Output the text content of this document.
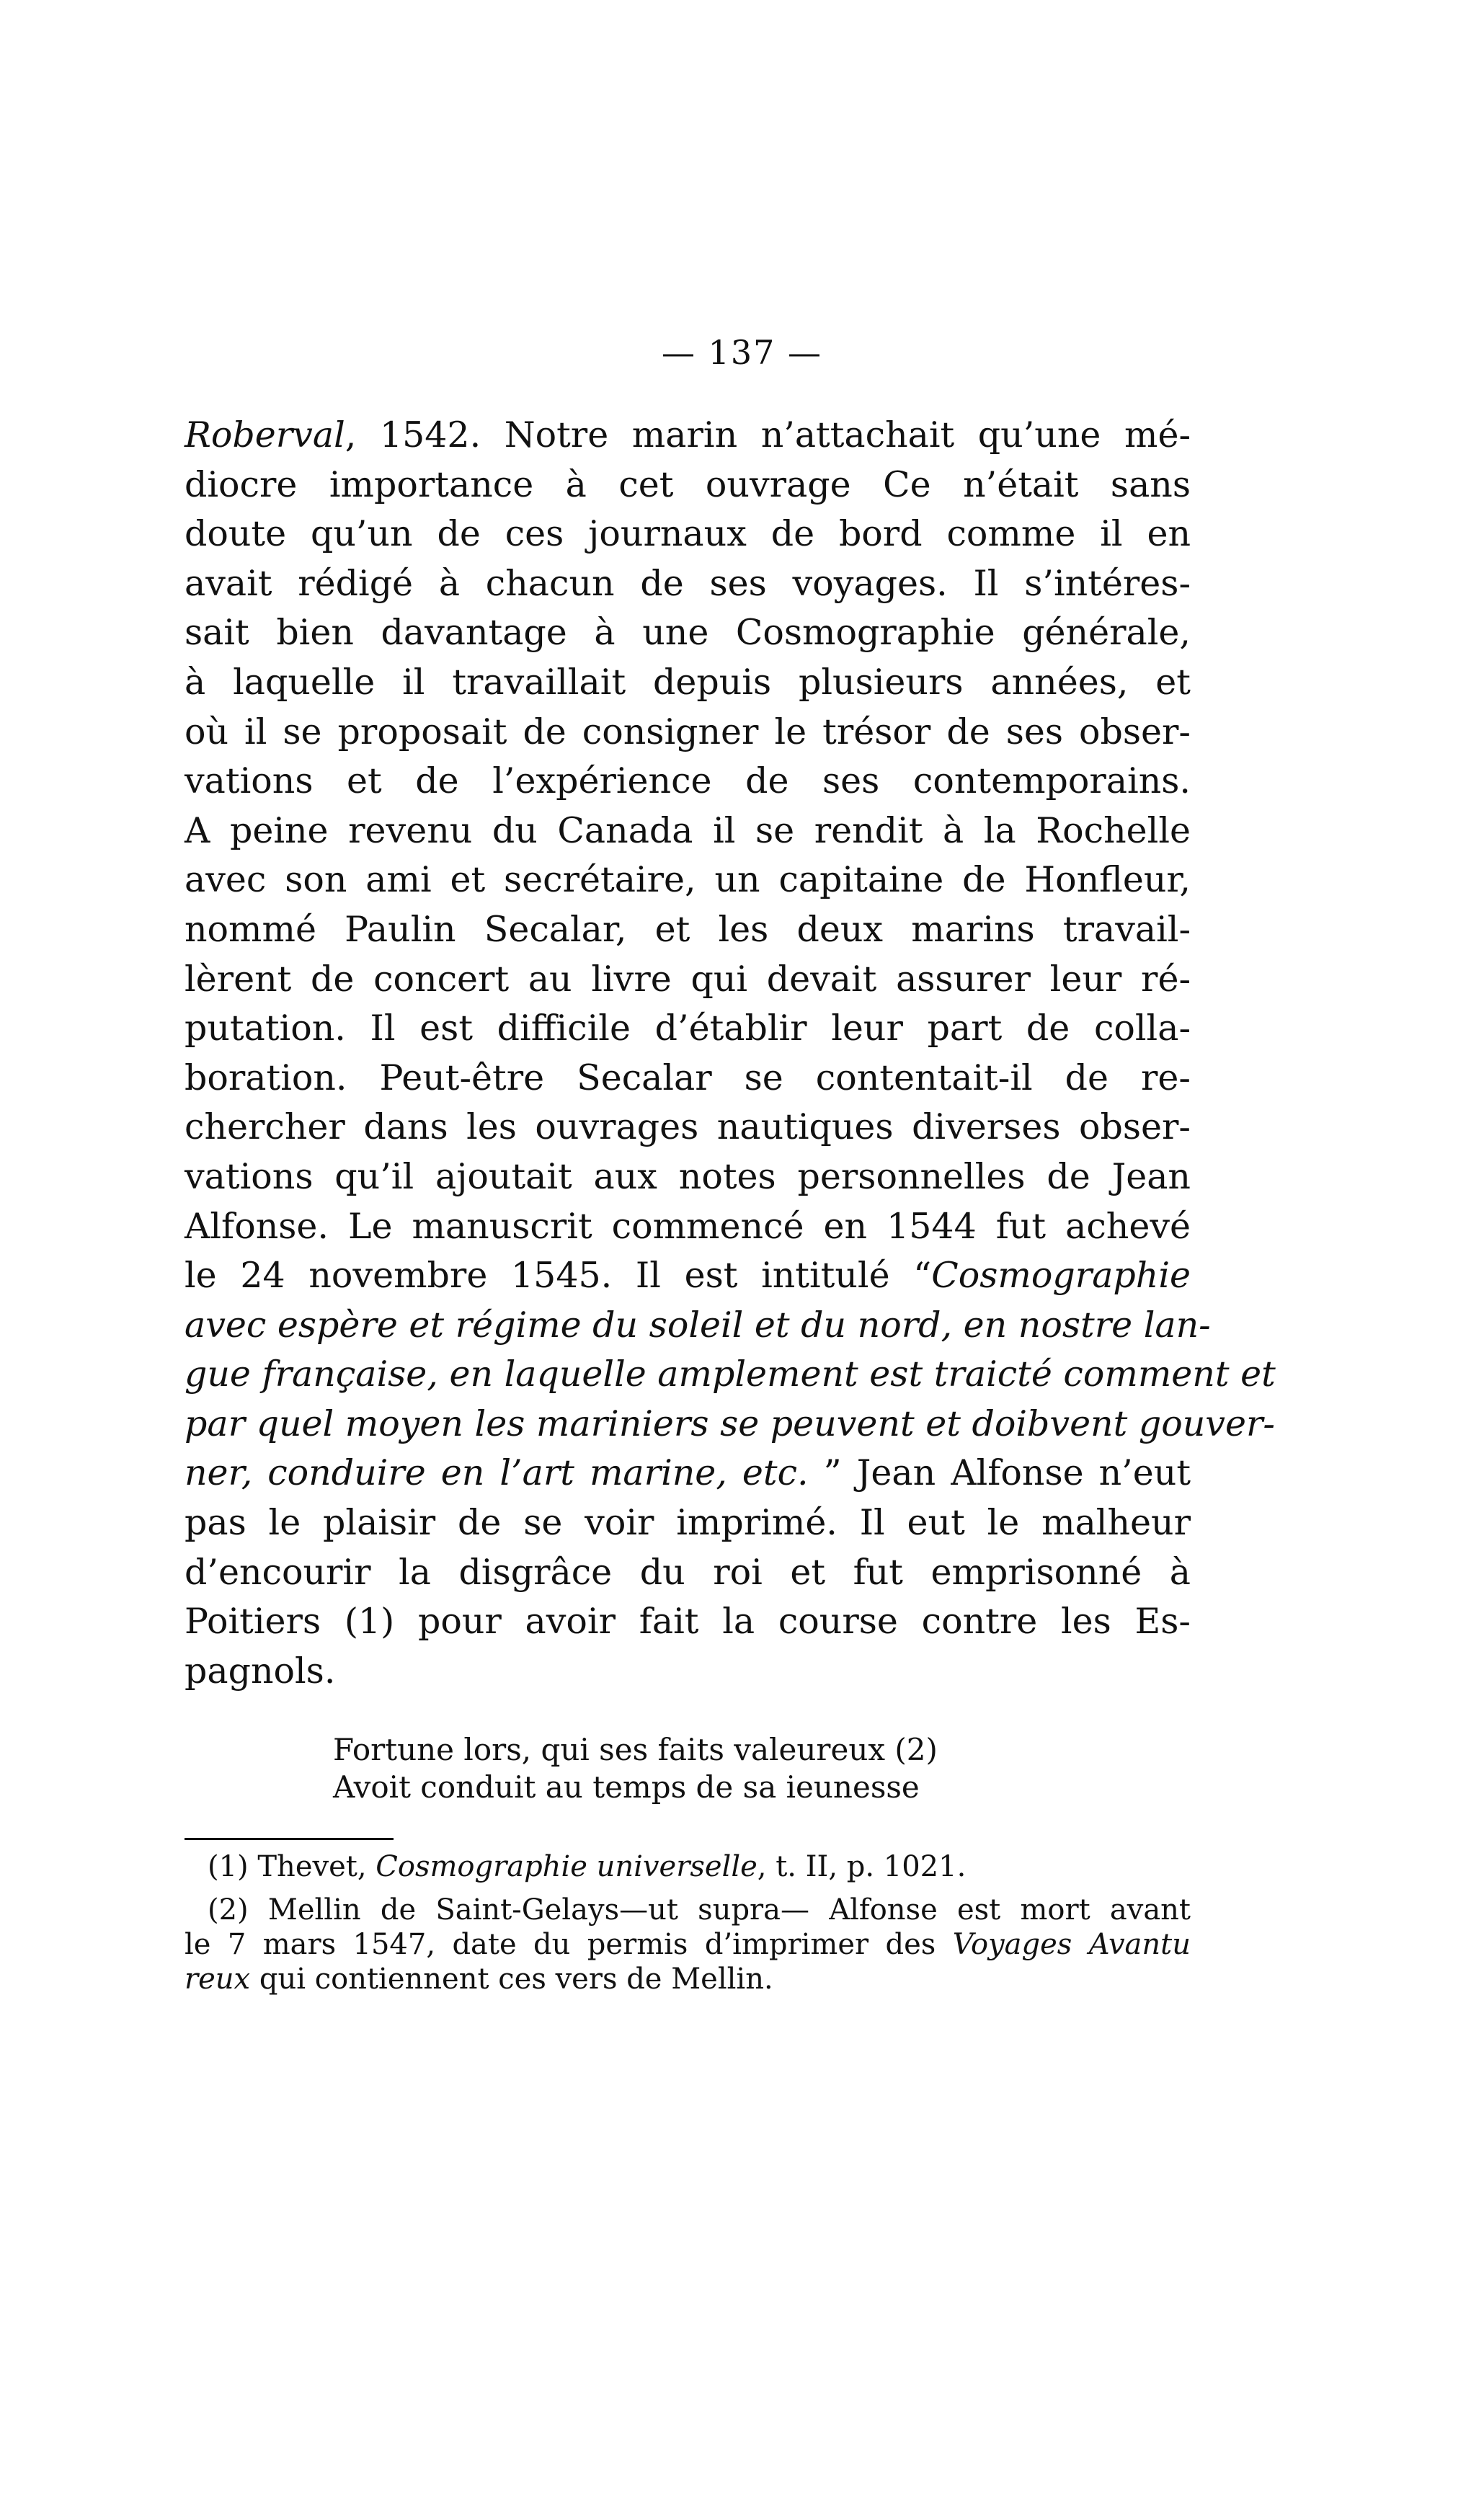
— 137 —
Roberval, 1542. Notre marin n’attachait qu’une mé-
diocre importance à cet ouvrage Ce n’était sans
doute qu’un de ces journaux de bord comme il en
avait rédigé à chacun de ses voyages. Il s’intéres-
sait bien davantage à une Cosmographie générale,
à laquelle il travaillait depuis plusieurs années, et
où il se proposait de consigner le trésor de ses obser-
vations et de l’expérience de ses contemporains.
A peine revenu du Canada il se rendit à la Rochelle
avec son ami et secrétaire, un capitaine de Honfleur,
nommé Paulin Secalar, et les deux marins travail-
lèrent de concert au livre qui devait assurer leur ré-
putation. Il est difficile d’établir leur part de colla-
boration. Peut-être Secalar se contentait-il de re-
chercher dans les ouvrages nautiques diverses obser-
vations qu’il ajoutait aux notes personnelles de Jean
Alfonse. Le manuscrit commencé en 1544 fut achevé
le 24 novembre 1545. Il est intitulé “Cosmographie
avec espère et régime du soleil et du nord, en nostre lan-
gue française, en laquelle amplement est traicté comment et
par quel moyen les mariniers se peuvent et doibvent gouver-
ner, conduire en l’art marine, etc. ” Jean Alfonse n’eut
pas le plaisir de se voir imprimé. Il eut le malheur
d’encourir la disgrâce du roi et fut emprisonné à
Poitiers (1) pour avoir fait la course contre les Es-
pagnols.
Fortune lors, qui ses faits valeureux (2)
Avoit conduit au temps de sa ieunesse
(1) Thevet, Cosmographie universelle, t. II, p. 1021.
(2) Mellin de Saint-Gelays—ut supra— Alfonse est mort avant
le 7 mars 1547, date du permis d’imprimer des Voyages Avantu
reux qui contiennent ces vers de Mellin.
